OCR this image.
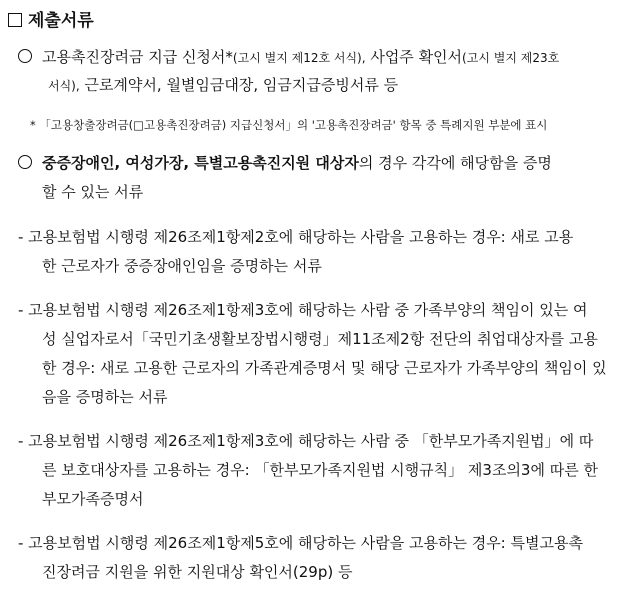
제출서류
고용촉진장려금 지급 신청서*(고시 별지 제12호 서식), 사업주 확인서(고시 별지 제23호
서식), 근로계약서, 월별임금대장, 임금지급증빙서류 등
* 「고용창출장려금(□고용촉진장려금) 지급신청서」의 '고용촉진장려금' 항목 중 특례지원 부분에 표시
중증장애인, 여성가장, 특별고용촉진지원 대상자의 경우 각각에 해당함을 증명
할 수 있는 서류
- 고용보험법 시행령 제26조제1항제2호에 해당하는 사람을 고용하는 경우: 새로 고용
한 근로자가 중증장애인임을 증명하는 서류
- 고용보험법 시행령 제26조제1항제3호에 해당하는 사람 중 가족부양의 책임이 있는 여
성 실업자로서「국민기초생활보장법시행령」제11조제2항 전단의 취업대상자를 고용
한 경우: 새로 고용한 근로자의 가족관계증명서 및 해당 근로자가 가족부양의 책임이 있
음을 증명하는 서류
- 고용보험법 시행령 제26조제1항제3호에 해당하는 사람 중 「한부모가족지원법」에 따
른 보호대상자를 고용하는 경우: 「한부모가족지원법 시행규칙」 제3조의3에 따른 한
부모가족증명서
- 고용보험법 시행령 제26조제1항제5호에 해당하는 사람을 고용하는 경우: 특별고용촉
진장려금 지원을 위한 지원대상 확인서(29p) 등
